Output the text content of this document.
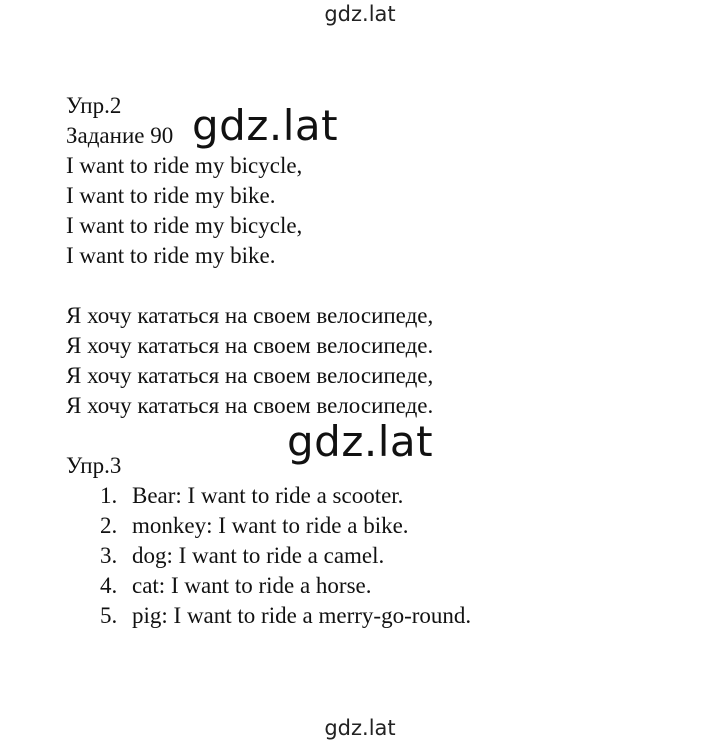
gdz.lat
Упр.2
Задание 90
I want to ride my bicycle,
I want to ride my bike.
I want to ride my bicycle,
I want to ride my bike.
Я хочу кататься на своем велосипеде,
Я хочу кататься на своем велосипеде.
Я хочу кататься на своем велосипеде,
Я хочу кататься на своем велосипеде.
Упр.3
1. Bear: I want to ride a scooter.
2. monkey: I want to ride a bike.
3. dog: I want to ride a camel.
4. cat: I want to ride a horse.
5. pig: I want to ride a merry-go-round.
gdz.lat
gdz.lat
gdz.lat
